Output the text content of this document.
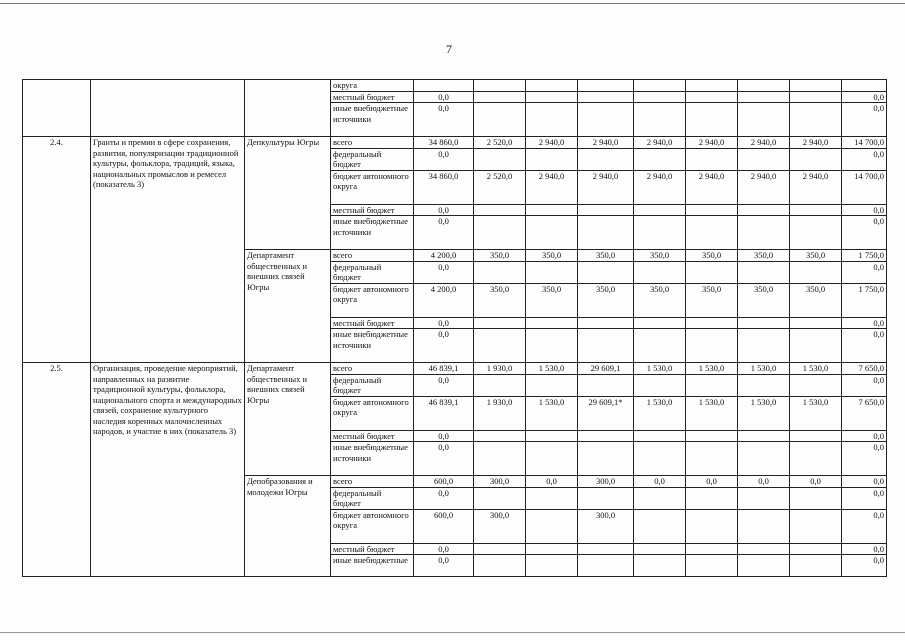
7
			округа									
			местный бюджет	0,0								0,0
			иные внебюджетные источники	0,0								0,0
2.4.	Гранты и премии в сфере сохранения, развития, популяризации традиционной культуры, фольклора, традиций, языка, национальных промыслов и ремесел (показатель 3)	Депкультуры Югры	всего	34 860,0	2 520,0	2 940,0	2 940,0	2 940,0	2 940,0	2 940,0	2 940,0	14 700,0
			федеральный бюджет	0,0								0,0
			бюджет автономного округа	34 860,0	2 520,0	2 940,0	2 940,0	2 940,0	2 940,0	2 940,0	2 940,0	14 700,0
			местный бюджет	0,0								0,0
			иные внебюджетные источники	0,0								0,0
		Департамент общественных и внешних связей Югры	всего	4 200,0	350,0	350,0	350,0	350,0	350,0	350,0	350,0	1 750,0
			федеральный бюджет	0,0								0,0
			бюджет автономного округа	4 200,0	350,0	350,0	350,0	350,0	350,0	350,0	350,0	1 750,0
			местный бюджет	0,0								0,0
			иные внебюджетные источники	0,0								0,0
2.5.	Организация, проведение мероприятий, направленных на развитие традиционной культуры, фольклора, национального спорта и международных связей, сохранение культурного наследия коренных малочисленных народов, и участие в них (показатель 3)	Департамент общественных и внешних связей Югры	всего	46 839,1	1 930,0	1 530,0	29 609,1	1 530,0	1 530,0	1 530,0	1 530,0	7 650,0
			федеральный бюджет	0,0								0,0
			бюджет автономного округа	46 839,1	1 930,0	1 530,0	29 609,1*	1 530,0	1 530,0	1 530,0	1 530,0	7 650,0
			местный бюджет	0,0								0,0
			иные внебюджетные источники	0,0								0,0
		Депобразования и молодежи Югры	всего	600,0	300,0	0,0	300,0	0,0	0,0	0,0	0,0	0,0
			федеральный бюджет	0,0								0,0
			бюджет автономного округа	600,0	300,0		300,0					0,0
			местный бюджет	0,0								0,0
			иные внебюджетные	0,0								0,0
